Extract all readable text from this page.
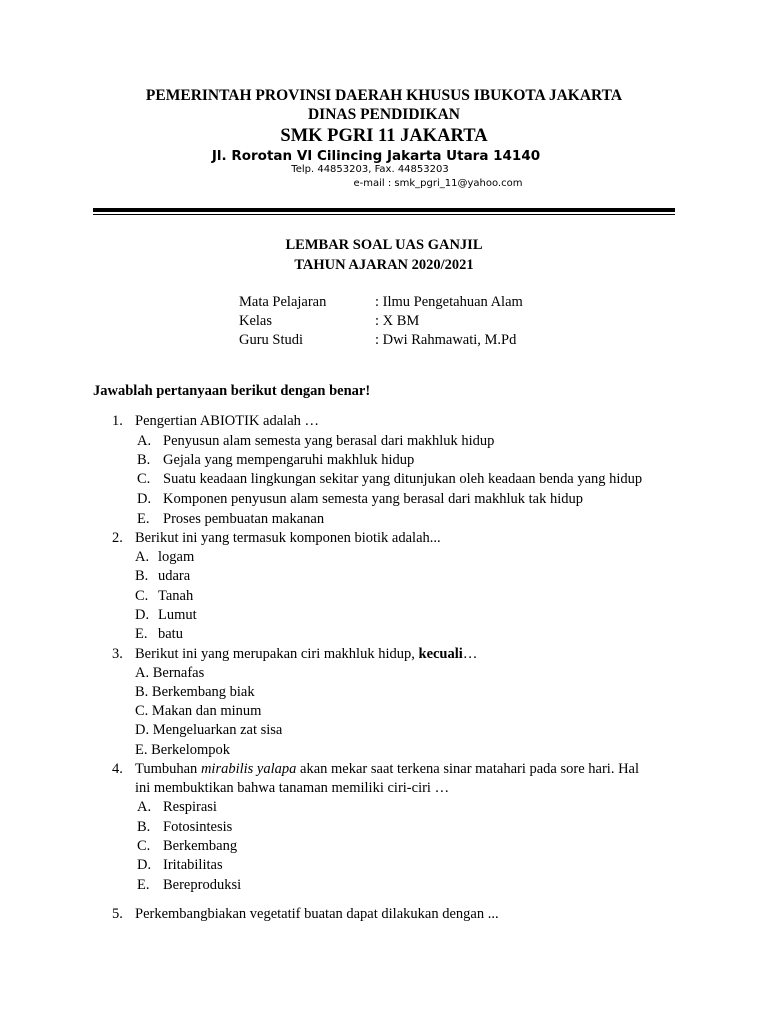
PEMERINTAH PROVINSI DAERAH KHUSUS IBUKOTA JAKARTA
DINAS PENDIDIKAN
SMK PGRI 11 JAKARTA
Jl. Rorotan VI Cilincing Jakarta Utara 14140
Telp. 44853203, Fax. 44853203
e-mail : smk_pgri_11@yahoo.com
LEMBAR SOAL UAS GANJIL
TAHUN AJARAN 2020/2021
Mata Pelajaran	: Ilmu Pengetahuan Alam
Kelas	: X BM
Guru Studi	: Dwi Rahmawati, M.Pd
Jawablah pertanyaan berikut dengan benar!
B. Gejala yang mempengaruhi makhluk hidup
C. Suatu keadaan lingkungan sekitar yang ditunjukan oleh keadaan benda yang hidup
D. Komponen penyusun alam semesta yang berasal dari makhluk tak hidup
E. Proses pembuatan makanan
2. Berikut ini yang termasuk komponen biotik adalah...
A. logam
B. udara
C. Tanah
D. Lumut
E. batu
3. Berikut ini yang merupakan ciri makhluk hidup, kecuali…
A. Bernafas
B. Berkembang biak
C. Makan dan minum
D. Mengeluarkan zat sisa
E. Berkelompok
4. Tumbuhan mirabilis yalapa akan mekar saat terkena sinar matahari pada sore hari. Hal
ini membuktikan bahwa tanaman memiliki ciri-ciri …
A. Respirasi
B. Fotosintesis
C. Berkembang
D. Iritabilitas
E. Bereproduksi
5. Perkembangbiakan vegetatif buatan dapat dilakukan dengan ...
1. Pengertian ABIOTIK adalah …
A. Penyusun alam semesta yang berasal dari makhluk hidup
